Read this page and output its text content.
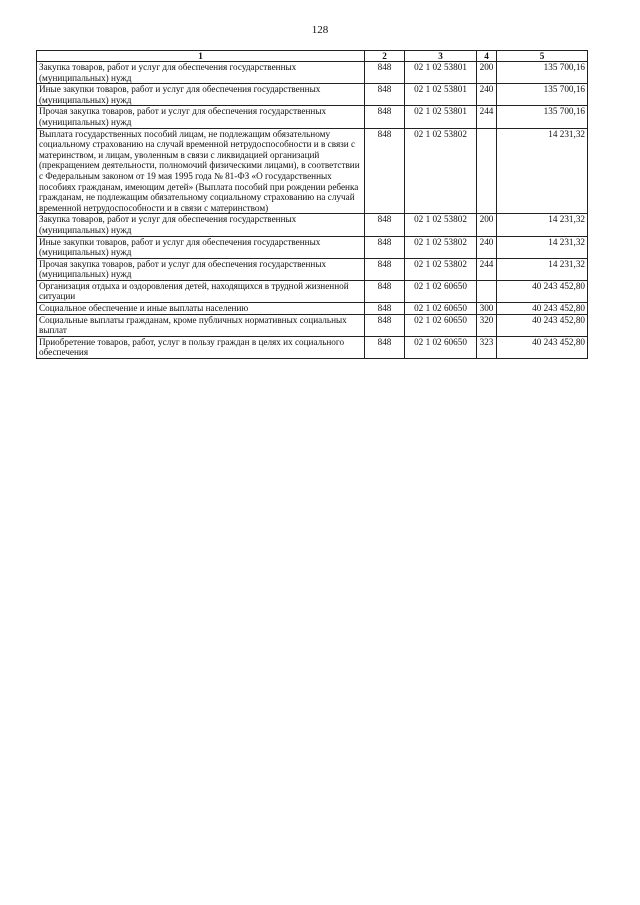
128
1	2	3	4	5
Закупка товаров, работ и услуг для обеспечения государственных (муниципальных) нужд	848	02 1 02 53801	200	135 700,16
Иные закупки товаров, работ и услуг для обеспечения государственных (муниципальных) нужд	848	02 1 02 53801	240	135 700,16
Прочая закупка товаров, работ и услуг для обеспечения государственных (муниципальных) нужд	848	02 1 02 53801	244	135 700,16
Выплата государственных пособий лицам, не подлежащим обязательному социальному страхованию на случай временной нетрудоспособности и в связи с материнством, и лицам, уволенным в связи с ликвидацией организаций (прекращением деятельности, полномочий физическими лицами), в соответствии с Федеральным законом от 19 мая 1995 года № 81-ФЗ «О государственных пособиях гражданам, имеющим детей» (Выплата пособий при рождении ребенка гражданам, не подлежащим обязательному социальному страхованию на случай временной нетрудоспособности и в связи с материнством)	848	02 1 02 53802		14 231,32
Закупка товаров, работ и услуг для обеспечения государственных (муниципальных) нужд	848	02 1 02 53802	200	14 231,32
Иные закупки товаров, работ и услуг для обеспечения государственных (муниципальных) нужд	848	02 1 02 53802	240	14 231,32
Прочая закупка товаров, работ и услуг для обеспечения государственных (муниципальных) нужд	848	02 1 02 53802	244	14 231,32
Организация отдыха и оздоровления детей, находящихся в трудной жизненной ситуации	848	02 1 02 60650		40 243 452,80
Социальное обеспечение и иные выплаты населению	848	02 1 02 60650	300	40 243 452,80
Социальные выплаты гражданам, кроме публичных нормативных социальных выплат	848	02 1 02 60650	320	40 243 452,80
Приобретение товаров, работ, услуг в пользу граждан в целях их социального обеспечения	848	02 1 02 60650	323	40 243 452,80
